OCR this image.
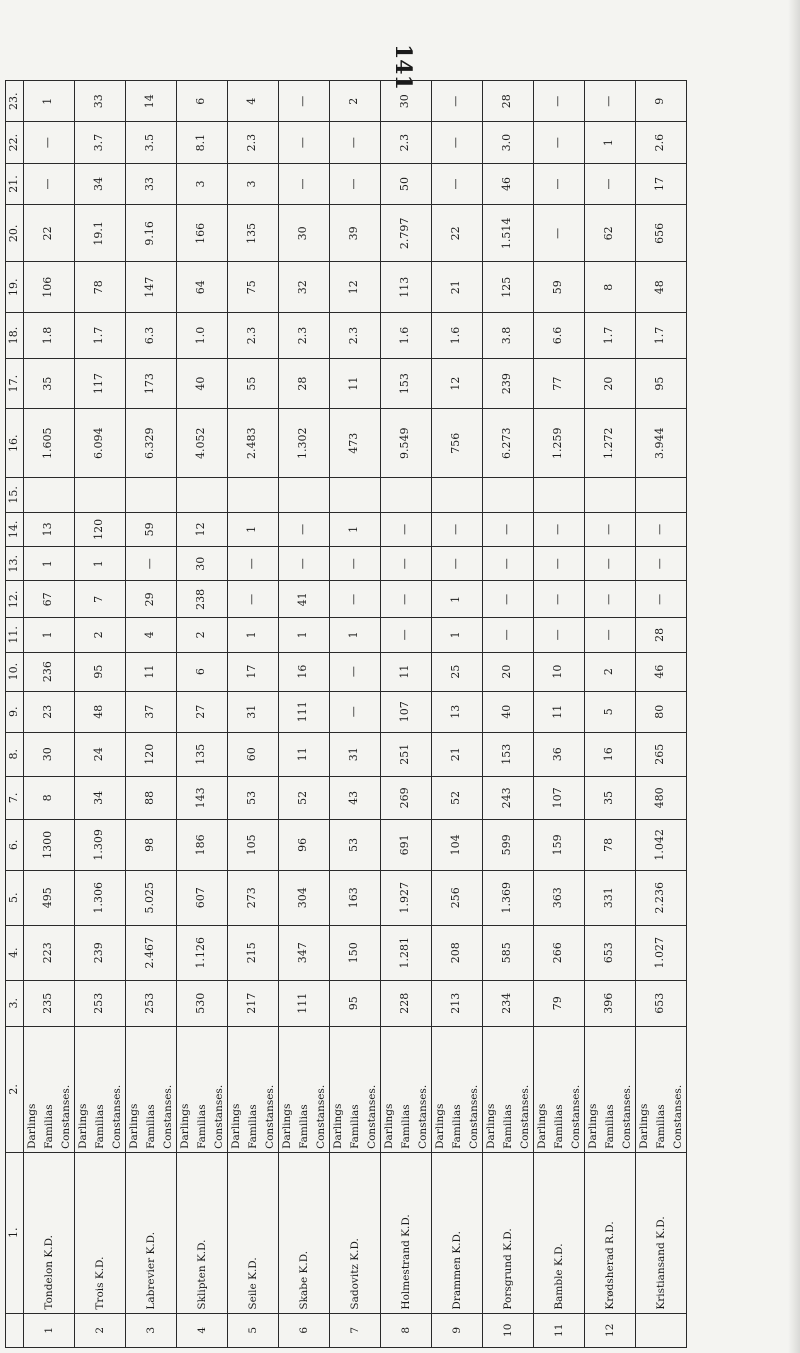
141
	1.	2.	3.	4.	5.	6.	7.	8.	9.	10.	11.	12.	13.	14.	15.	16.	17.	18.	19.	20.	21.	22.	23.
1	Tondelon K.D.	Darlings Familias Constanses.	235	223	495	1300	8	30	23	236	1	67	1	13		1.605	35	1.8	106	22	—	—	1
2	Trois K.D.	Darlings Familias Constanses.	253	239	1.306	1.309	34	24	48	95	2	7	1	120		6.094	117	1.7	78	19.1	34	3.7	33
3	Labrevier K.D.	Darlings Familias Constanses.	253	2.467	5.025	98	88	120	37	11	4	29	—	59		6.329	173	6.3	147	9.16	33	3.5	14
4	Sklipten K.D.	Darlings Familias Constanses.	530	1.126	607	186	143	135	27	6	2	238	30	12		4.052	40	1.0	64	166	3	8.1	6
5	Seile K.D.	Darlings Familias Constanses.	217	215	273	105	53	60	31	17	1	—	—	1		2.483	55	2.3	75	135	3	2.3	4
6	Skabe K.D.	Darlings Familias Constanses.	111	347	304	96	52	11	111	16	1	41	—	—		1.302	28	2.3	32	30	—	—	—
7	Sadovitz K.D.	Darlings Familias Constanses.	95	150	163	53	43	31	—	—	1	—	—	1		473	11	2.3	12	39	—	—	2
8	Holmestrand K.D.	Darlings Familias Constanses.	228	1.281	1.927	691	269	251	107	11	—	—	—	—		9.549	153	1.6	113	2.797	50	2.3	30
9	Drammen K.D.	Darlings Familias Constanses.	213	208	256	104	52	21	13	25	1	1	—	—		756	12	1.6	21	22	—	—	—
10	Porsgrund K.D.	Darlings Familias Constanses.	234	585	1.369	599	243	153	40	20	—	—	—	—		6.273	239	3.8	125	1.514	46	3.0	28
11	Bamble K.D.	Darlings Familias Constanses.	79	266	363	159	107	36	11	10	—	—	—	—		1.259	77	6.6	59	—	—	—	—
12	Krødsherad R.D.	Darlings Familias Constanses.	396	653	331	78	35	16	5	2	—	—	—	—		1.272	20	1.7	8	62	—	1	—
	Kristiansand K.D.	Darlings Familias Constanses.	653	1.027	2.236	1.042	480	265	80	46	28	—	—	—		3.944	95	1.7	48	656	17	2.6	9
